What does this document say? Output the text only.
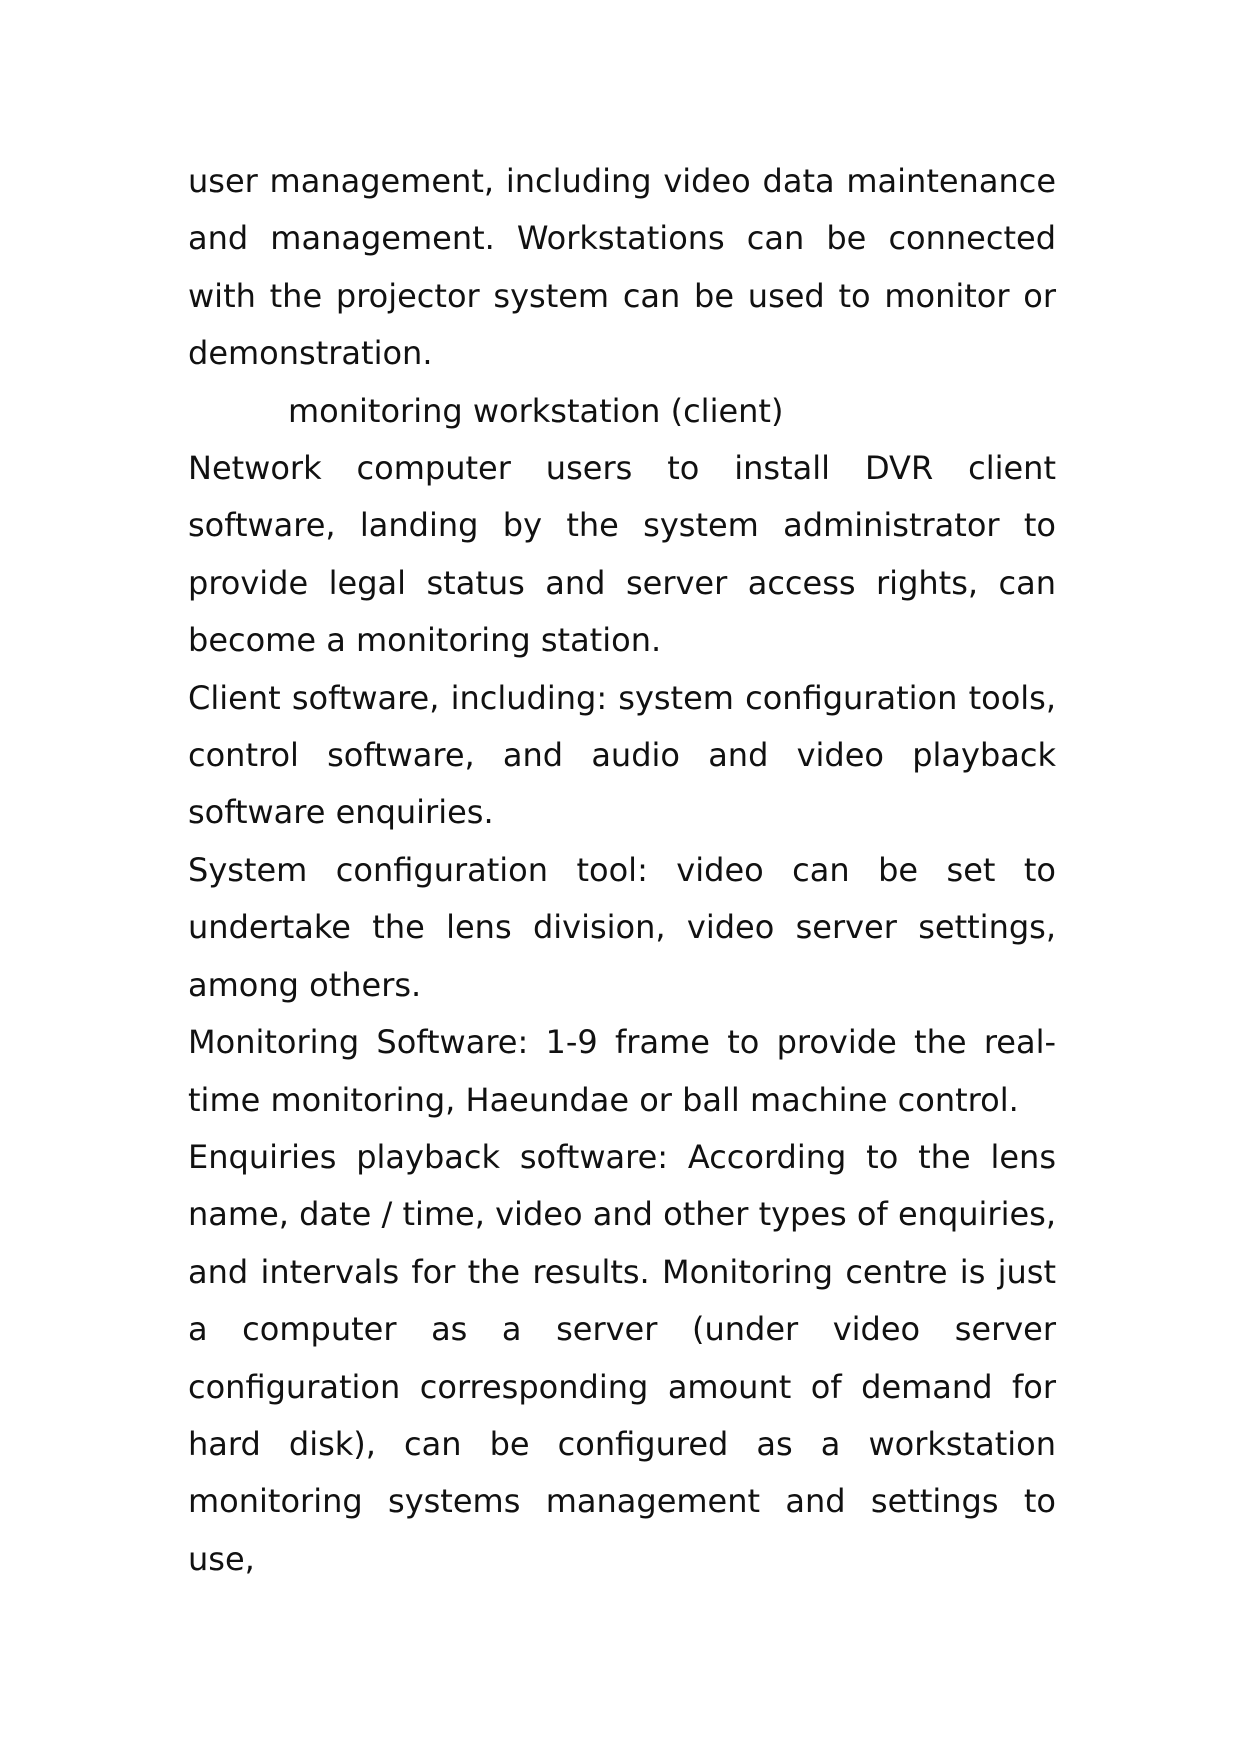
user management, including video data maintenance and management. Workstations can be connected with the projector system can be used to monitor or demonstration.

monitoring workstation (client)

Network computer users to install DVR client software, landing by the system administrator to provide legal status and server access rights, can become a monitoring station.

Client software, including: system configuration tools, control software, and audio and video playback software enquiries.

System configuration tool: video can be set to undertake the lens division, video server settings, among others.

Monitoring Software: 1-9 frame to provide the real-time monitoring, Haeundae or ball machine control.

Enquiries playback software: According to the lens name, date / time, video and other types of enquiries, and intervals for the results. Monitoring centre is just a computer as a server (under video server configuration corresponding amount of demand for hard disk), can be configured as a workstation monitoring systems management and settings to use,
